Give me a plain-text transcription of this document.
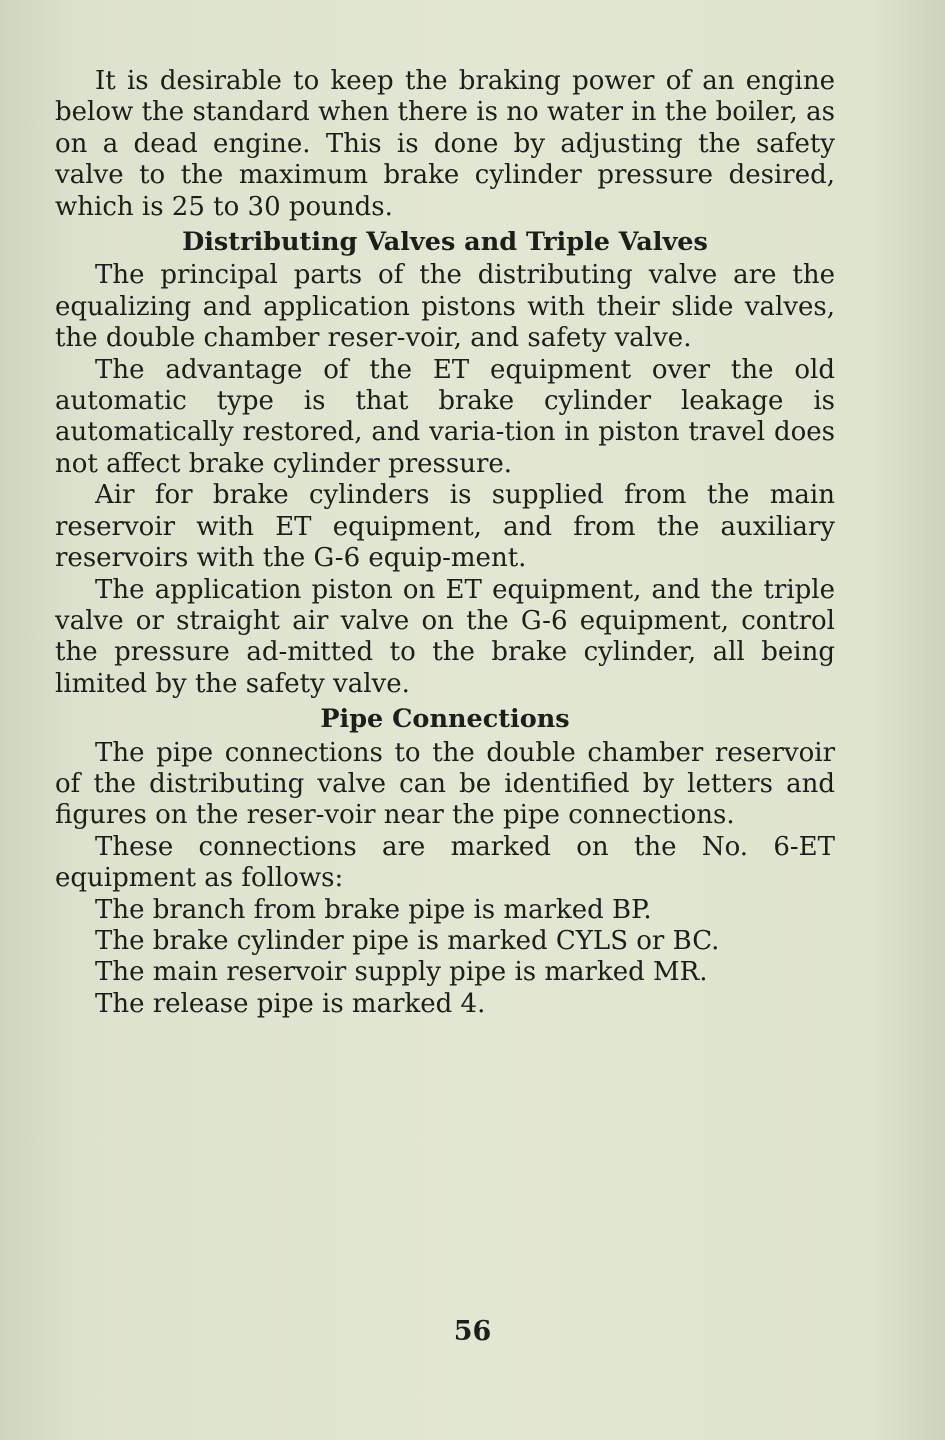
It is desirable to keep the braking power of an engine below the standard when there is no water in the boiler, as on a dead engine. This is done by adjusting the safety valve to the maximum brake cylinder pressure desired, which is 25 to 30 pounds.

Distributing Valves and Triple Valves

The principal parts of the distributing valve are the equalizing and application pistons with their slide valves, the double chamber reser-voir, and safety valve.

The advantage of the ET equipment over the old automatic type is that brake cylinder leakage is automatically restored, and varia-tion in piston travel does not affect brake cylinder pressure.

Air for brake cylinders is supplied from the main reservoir with ET equipment, and from the auxiliary reservoirs with the G-6 equip-ment.

The application piston on ET equipment, and the triple valve or straight air valve on the G-6 equipment, control the pressure ad-mitted to the brake cylinder, all being limited by the safety valve.

Pipe Connections

The pipe connections to the double chamber reservoir of the distributing valve can be identified by letters and figures on the reser-voir near the pipe connections.

These connections are marked on the No. 6-ET equipment as follows:

The branch from brake pipe is marked BP.

The brake cylinder pipe is marked CYLS or BC.

The main reservoir supply pipe is marked MR.

The release pipe is marked 4.

56
